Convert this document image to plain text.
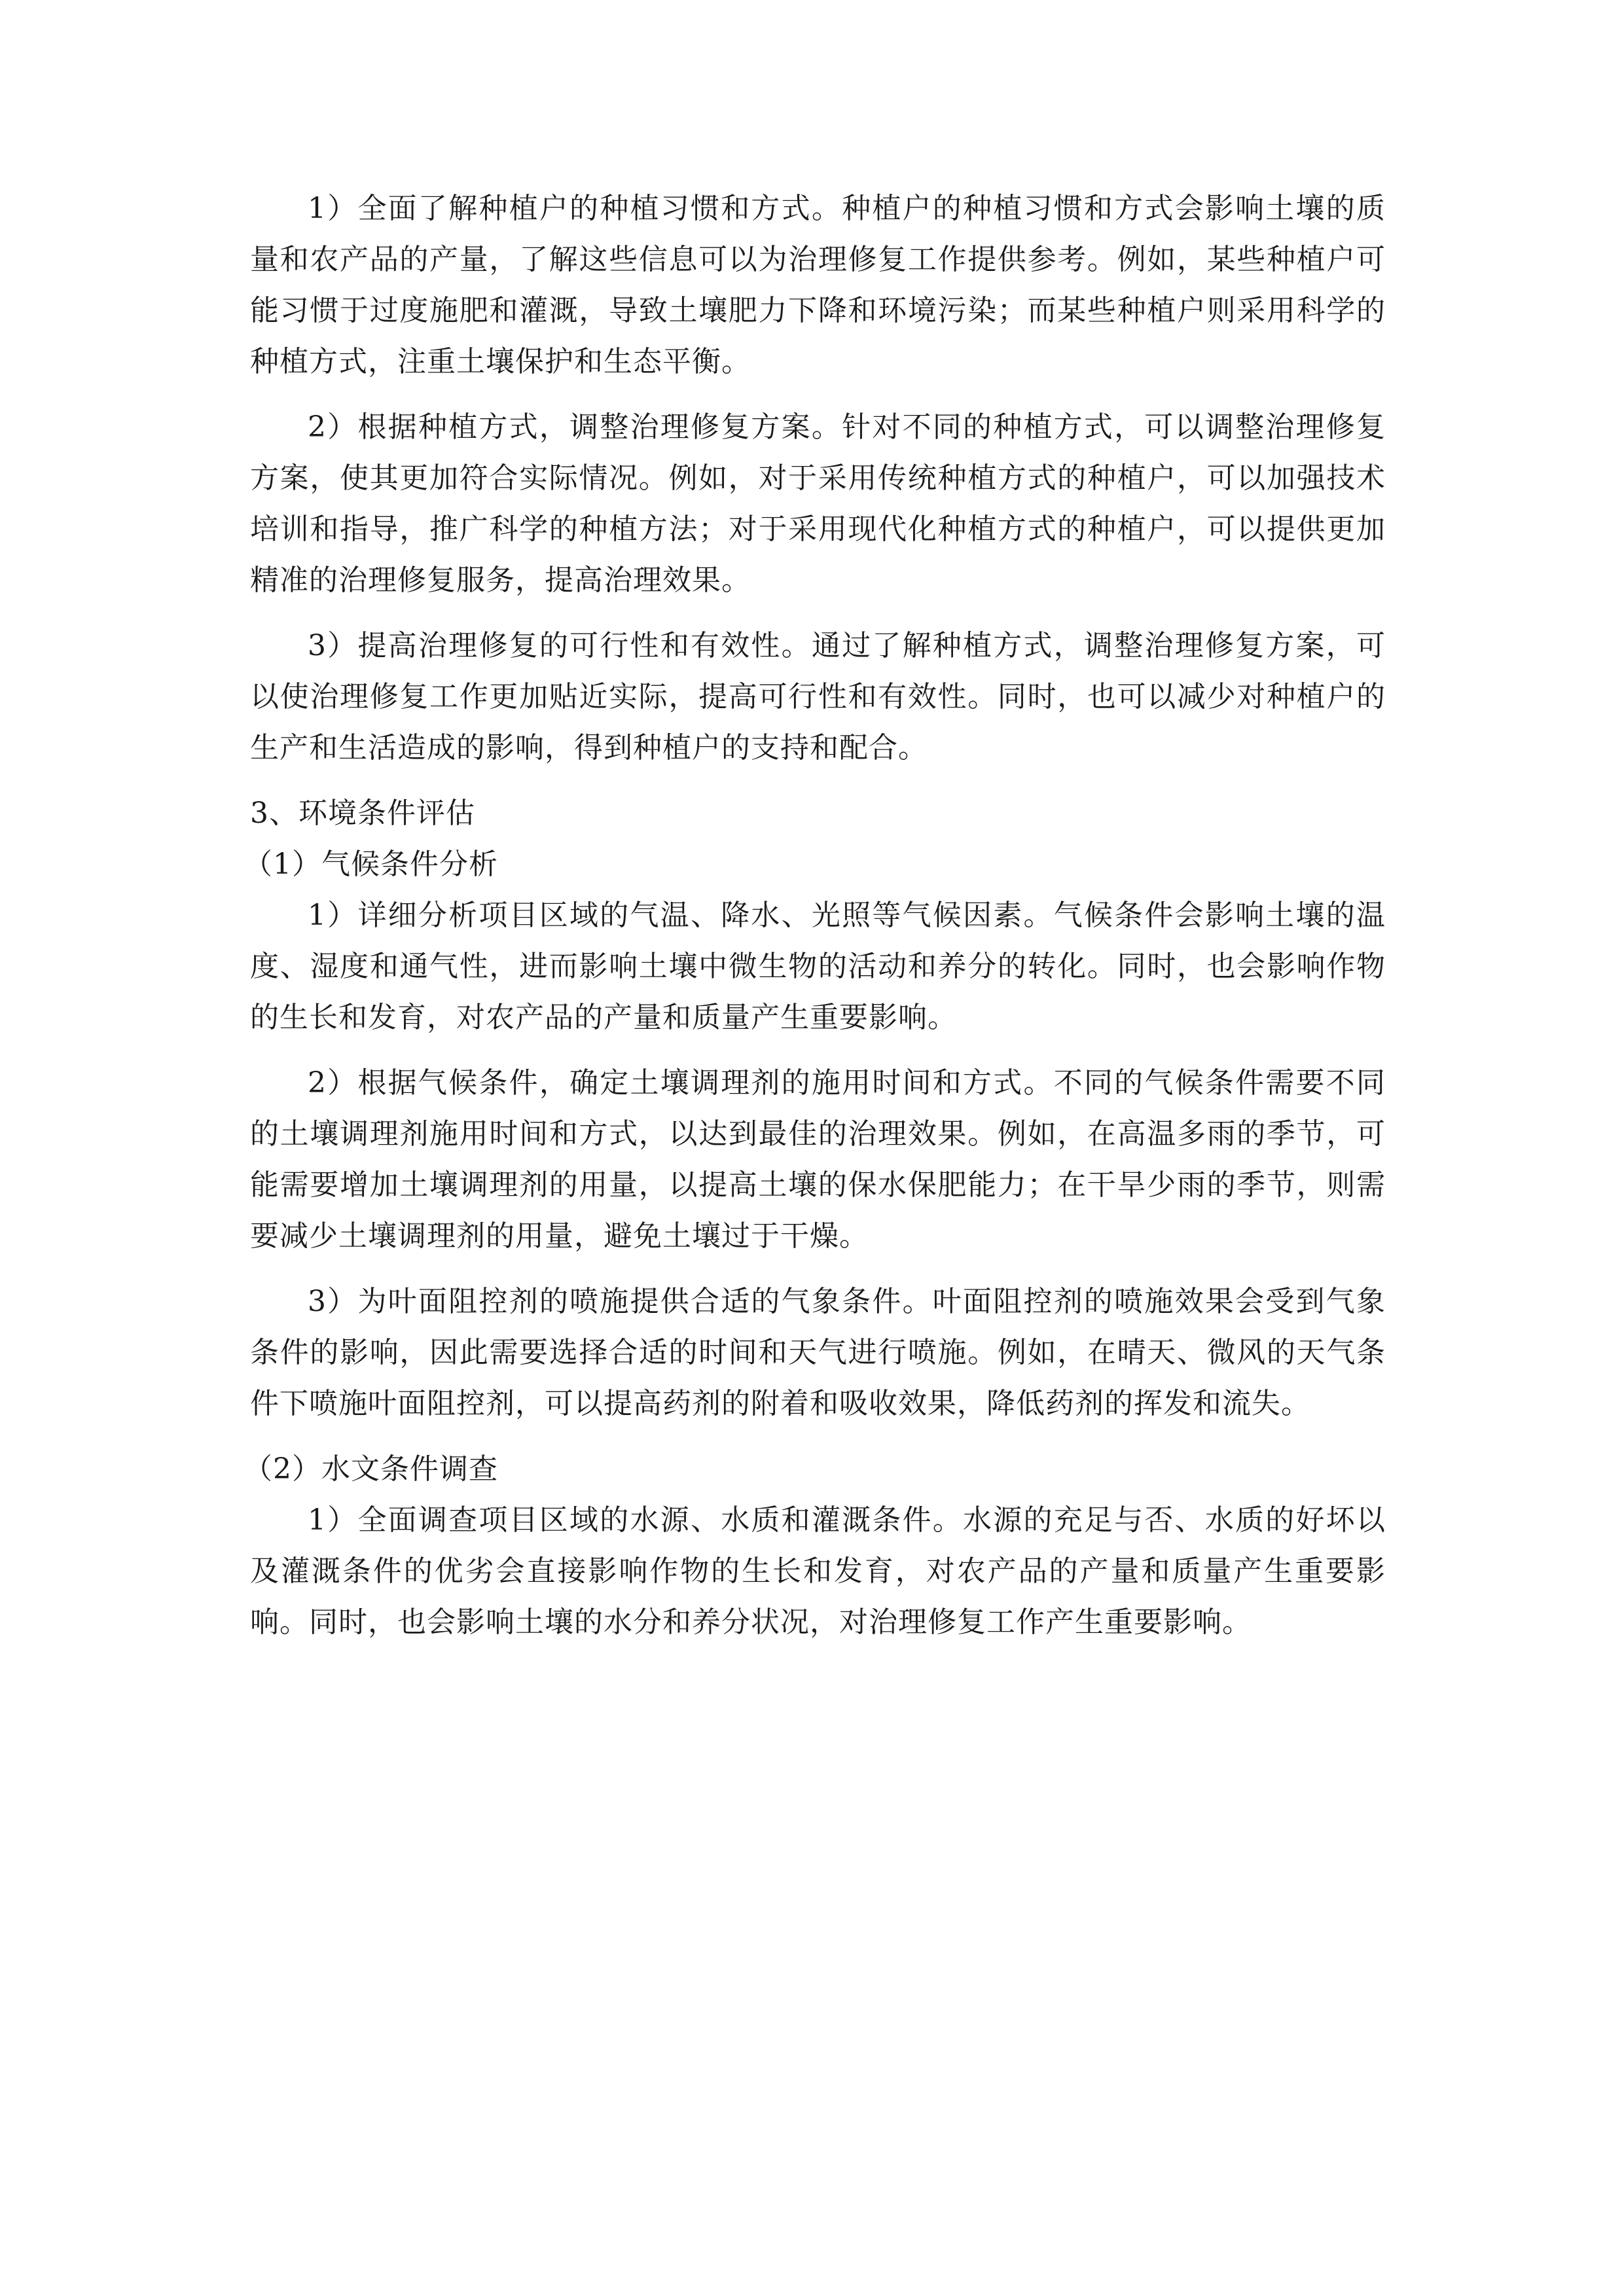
1）全面了解种植户的种植习惯和方式。种植户的种植习惯和方式会影响土壤的质量和农产品的产量，了解这些信息可以为治理修复工作提供参考。例如，某些种植户可能习惯于过度施肥和灌溉，导致土壤肥力下降和环境污染；而某些种植户则采用科学的种植方式，注重土壤保护和生态平衡。

2）根据种植方式，调整治理修复方案。针对不同的种植方式，可以调整治理修复方案，使其更加符合实际情况。例如，对于采用传统种植方式的种植户，可以加强技术培训和指导，推广科学的种植方法；对于采用现代化种植方式的种植户，可以提供更加精准的治理修复服务，提高治理效果。

3）提高治理修复的可行性和有效性。通过了解种植方式，调整治理修复方案，可以使治理修复工作更加贴近实际，提高可行性和有效性。同时，也可以减少对种植户的生产和生活造成的影响，得到种植户的支持和配合。

3、环境条件评估

（1）气候条件分析

1）详细分析项目区域的气温、降水、光照等气候因素。气候条件会影响土壤的温度、湿度和通气性，进而影响土壤中微生物的活动和养分的转化。同时，也会影响作物的生长和发育，对农产品的产量和质量产生重要影响。

2）根据气候条件，确定土壤调理剂的施用时间和方式。不同的气候条件需要不同的土壤调理剂施用时间和方式，以达到最佳的治理效果。例如，在高温多雨的季节，可能需要增加土壤调理剂的用量，以提高土壤的保水保肥能力；在干旱少雨的季节，则需要减少土壤调理剂的用量，避免土壤过于干燥。

3）为叶面阻控剂的喷施提供合适的气象条件。叶面阻控剂的喷施效果会受到气象条件的影响，因此需要选择合适的时间和天气进行喷施。例如，在晴天、微风的天气条件下喷施叶面阻控剂，可以提高药剂的附着和吸收效果，降低药剂的挥发和流失。

（2）水文条件调查

1）全面调查项目区域的水源、水质和灌溉条件。水源的充足与否、水质的好坏以及灌溉条件的优劣会直接影响作物的生长和发育，对农产品的产量和质量产生重要影响。同时，也会影响土壤的水分和养分状况，对治理修复工作产生重要影响。
